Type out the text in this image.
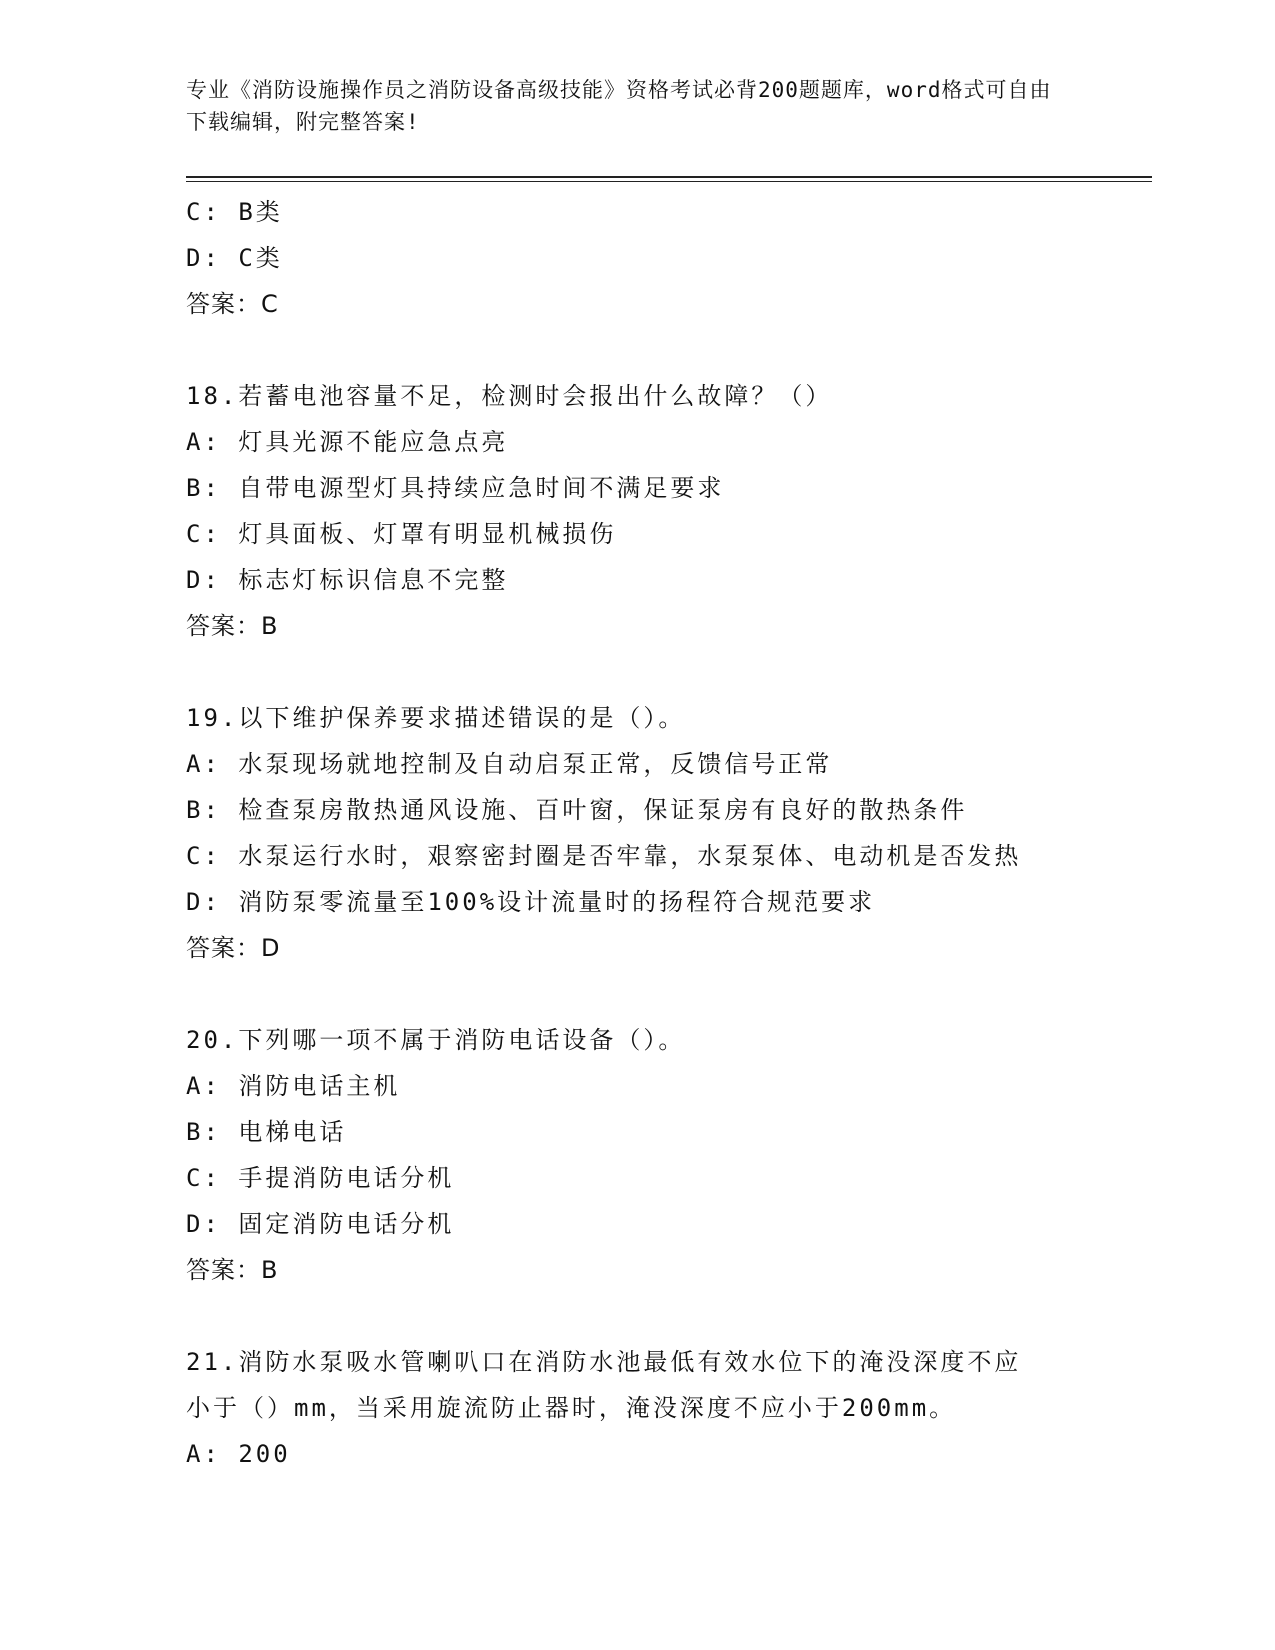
专业《消防设施操作员之消防设备高级技能》资格考试必背200题题库，word格式可自由下载编辑，附完整答案!
C: B类
D: C类
答案：C
18.若蓄电池容量不足，检测时会报出什么故障？（）
A: 灯具光源不能应急点亮
B: 自带电源型灯具持续应急时间不满足要求
C: 灯具面板、灯罩有明显机械损伤
D: 标志灯标识信息不完整
答案：B
19.以下维护保养要求描述错误的是（）。
A: 水泵现场就地控制及自动启泵正常，反馈信号正常
B: 检查泵房散热通风设施、百叶窗，保证泵房有良好的散热条件
C: 水泵运行水时，艰察密封圈是否牢靠，水泵泵体、电动机是否发热
D: 消防泵零流量至100%设计流量时的扬程符合规范要求
答案：D
20.下列哪一项不属于消防电话设备（）。
A: 消防电话主机
B: 电梯电话
C: 手提消防电话分机
D: 固定消防电话分机
答案：B
21.消防水泵吸水管喇叭口在消防水池最低有效水位下的淹没深度不应
小于（）mm，当采用旋流防止器时，淹没深度不应小于200mm。
A: 200
